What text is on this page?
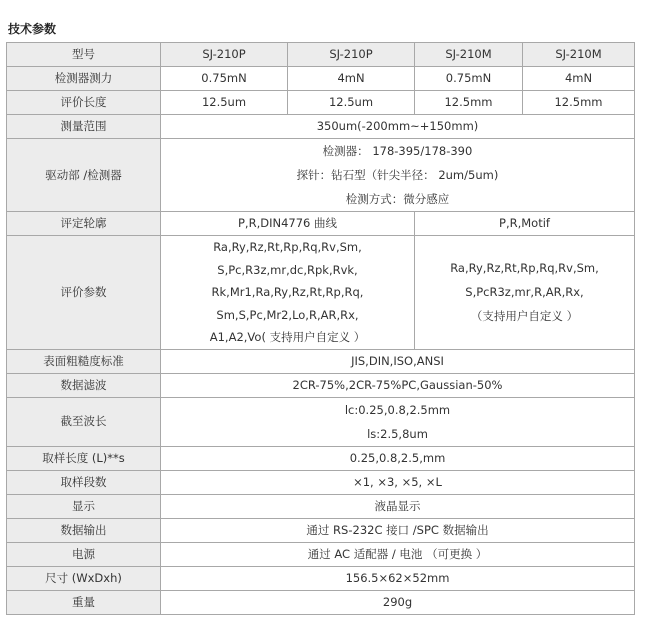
技术参数
型号	SJ-210P	SJ-210P	SJ-210M	SJ-210M
检测器测力	0.75mN	4mN	0.75mN	4mN
评价长度	12.5um	12.5um	12.5mm	12.5mm
测量范围	350um(-200mm~+150mm)			
驱动部 /检测器	检测器： 178-395/178-390
探针：钻石型（针尖半径： 2um/5um)
检测方式：微分感应			

评定轮廓	P,R,DIN4776 曲线		P,R,Motif	
评价参数	Ra,Ry,Rz,Rt,Rp,Rq,Rv,Sm,
S,Pc,R3z,mr,dc,Rpk,Rvk,
Rk,Mr1,Ra,Ry,Rz,Rt,Rp,Rq,
Sm,S,Pc,Mr2,Lo,R,AR,Rx,
A1,A2,Vo( 支持用户自定义 ）		Ra,Ry,Rz,Rt,Rp,Rq,Rv,Sm,
S,PcR3z,mr,R,AR,Rx,
（支持用户自定义 ）	

表面粗糙度标准	JIS,DIN,ISO,ANSI			
数据滤波	2CR-75%,2CR-75%PC,Gaussian-50%			
截至波长	lc:0.25,0.8,2.5mm
ls:2.5,8um			

取样长度 (L)**s	0.25,0.8,2.5,mm			
取样段数	×1, ×3, ×5, ×L			
显示	液晶显示			
数据输出	通过 RS-232C 接口 /SPC 数据输出			
电源	通过 AC 适配器 / 电池 （可更换 ）			
尺寸 (WxDxh)	156.5×62×52mm			
重量	290g			
